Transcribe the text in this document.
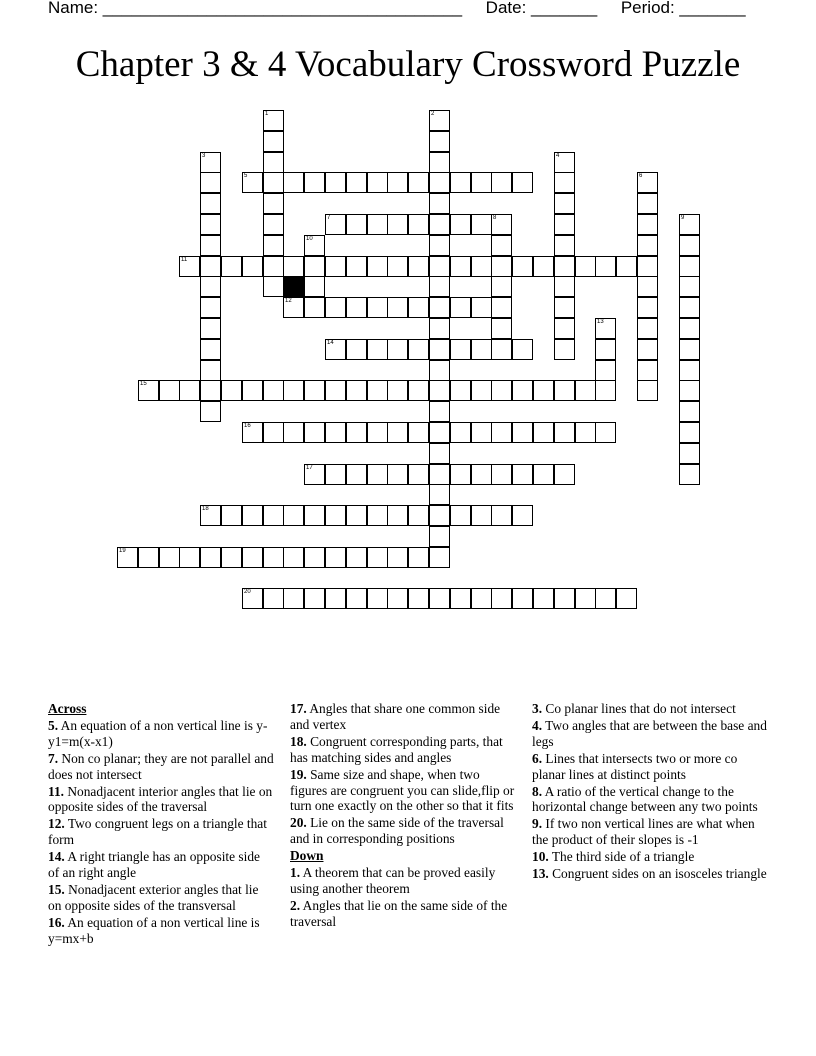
Name: ______________________________________     Date: _______     Period: _______
Chapter 3 & 4 Vocabulary Crossword Puzzle
1	2
3	4
5	6
7	8	9
10
11
12
13
14
15
16
17
18
19
20
Across
5. An equation of a non vertical line is y-y1=m(x-x1)
7. Non co planar; they are not parallel and does not intersect
11. Nonadjacent interior angles that lie on opposite sides of the traversal
12. Two congruent legs on a triangle that form
14. A right triangle has an opposite side of an right angle
15. Nonadjacent exterior angles that lie on opposite sides of the transversal
16. An equation of a non vertical line is y=mx+b
17. Angles that share one common side and vertex
18. Congruent corresponding parts, that has matching sides and angles
19. Same size and shape, when two figures are congruent you can slide,flip or turn one exactly on the other so that it fits
20. Lie on the same side of the traversal and in corresponding positions
Down
1. A theorem that can be proved easily using another theorem
2. Angles that lie on the same side of the traversal
3. Co planar lines that do not intersect
4. Two angles that are between the base and legs
6. Lines that intersects two or more co planar lines at distinct points
8. A ratio of the vertical change to the horizontal change between any two points
9. If two non vertical lines are what when the product of their slopes is -1
10. The third side of a triangle
13. Congruent sides on an isosceles triangle
